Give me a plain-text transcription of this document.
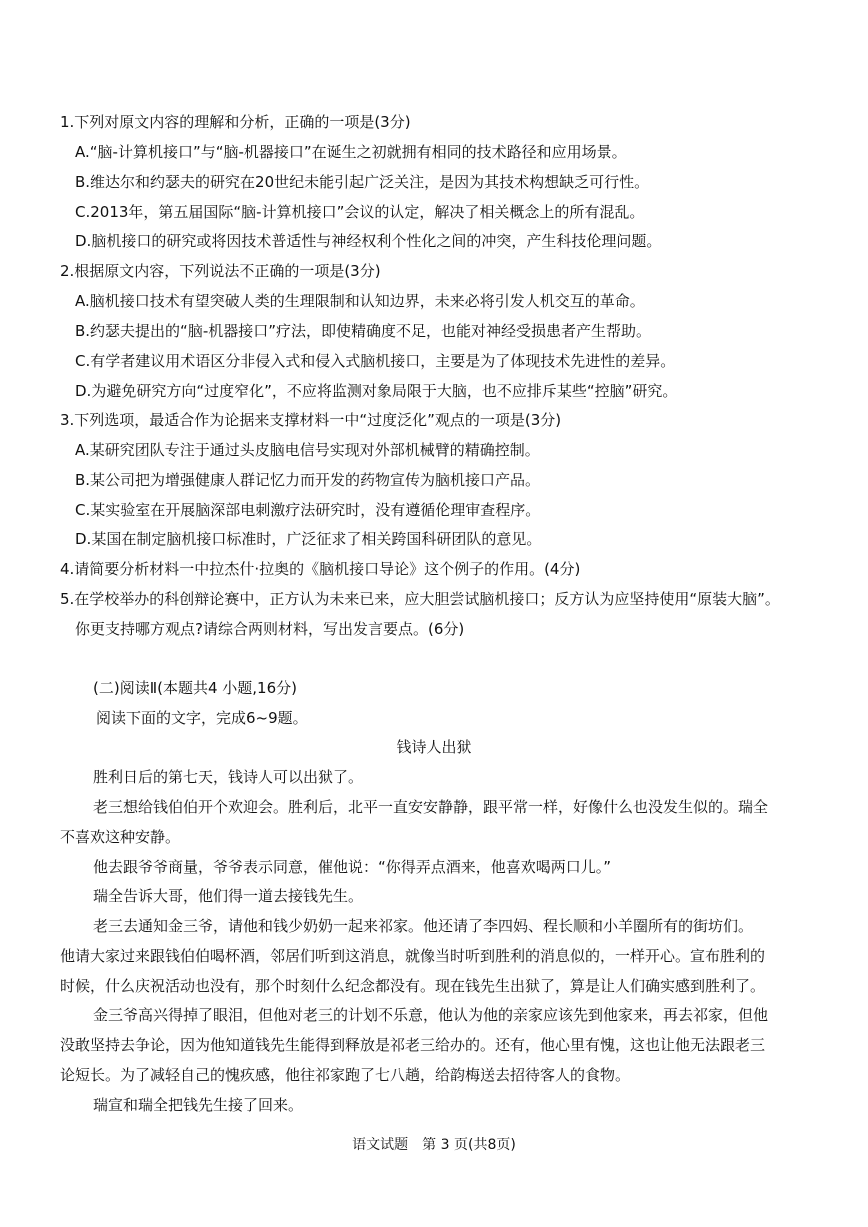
1.下列对原文内容的理解和分析，正确的一项是(3分)
A.“脑-计算机接口”与“脑-机器接口”在诞生之初就拥有相同的技术路径和应用场景。
B.维达尔和约瑟夫的研究在20世纪未能引起广泛关注，是因为其技术构想缺乏可行性。
C.2013年，第五届国际“脑-计算机接口”会议的认定，解决了相关概念上的所有混乱。
D.脑机接口的研究或将因技术普适性与神经权利个性化之间的冲突，产生科技伦理问题。
2.根据原文内容，下列说法不正确的一项是(3分)
A.脑机接口技术有望突破人类的生理限制和认知边界，未来必将引发人机交互的革命。
B.约瑟夫提出的“脑-机器接口”疗法，即使精确度不足，也能对神经受损患者产生帮助。
C.有学者建议用术语区分非侵入式和侵入式脑机接口，主要是为了体现技术先进性的差异。
D.为避免研究方向“过度窄化”，不应将监测对象局限于大脑，也不应排斥某些“控脑”研究。
3.下列选项，最适合作为论据来支撑材料一中“过度泛化”观点的一项是(3分)
A.某研究团队专注于通过头皮脑电信号实现对外部机械臂的精确控制。
B.某公司把为增强健康人群记忆力而开发的药物宣传为脑机接口产品。
C.某实验室在开展脑深部电刺激疗法研究时，没有遵循伦理审查程序。
D.某国在制定脑机接口标准时，广泛征求了相关跨国科研团队的意见。
4.请简要分析材料一中拉杰什·拉奥的《脑机接口导论》这个例子的作用。(4分)
5.在学校举办的科创辩论赛中，正方认为未来已来，应大胆尝试脑机接口；反方认为应坚持使用“原装大脑”。
你更支持哪方观点?请综合两则材料，写出发言要点。(6分)
(二)阅读Ⅱ(本题共4 小题,16分)
阅读下面的文字，完成6~9题。
钱诗人出狱
胜利日后的第七天，钱诗人可以出狱了。
老三想给钱伯伯开个欢迎会。胜利后，北平一直安安静静，跟平常一样，好像什么也没发生似的。瑞全
不喜欢这种安静。
他去跟爷爷商量，爷爷表示同意，催他说：“你得弄点酒来，他喜欢喝两口儿。”
瑞全告诉大哥，他们得一道去接钱先生。
老三去通知金三爷，请他和钱少奶奶一起来祁家。他还请了李四妈、程长顺和小羊圈所有的街坊们。
他请大家过来跟钱伯伯喝杯酒，邻居们听到这消息，就像当时听到胜利的消息似的，一样开心。宣布胜利的
时候，什么庆祝活动也没有，那个时刻什么纪念都没有。现在钱先生出狱了，算是让人们确实感到胜利了。
金三爷高兴得掉了眼泪，但他对老三的计划不乐意，他认为他的亲家应该先到他家来，再去祁家，但他
没敢坚持去争论，因为他知道钱先生能得到释放是祁老三给办的。还有，他心里有愧，这也让他无法跟老三
论短长。为了减轻自己的愧疚感，他往祁家跑了七八趟，给韵梅送去招待客人的食物。
瑞宣和瑞全把钱先生接了回来。
语文试题　第 3 页(共8页)
